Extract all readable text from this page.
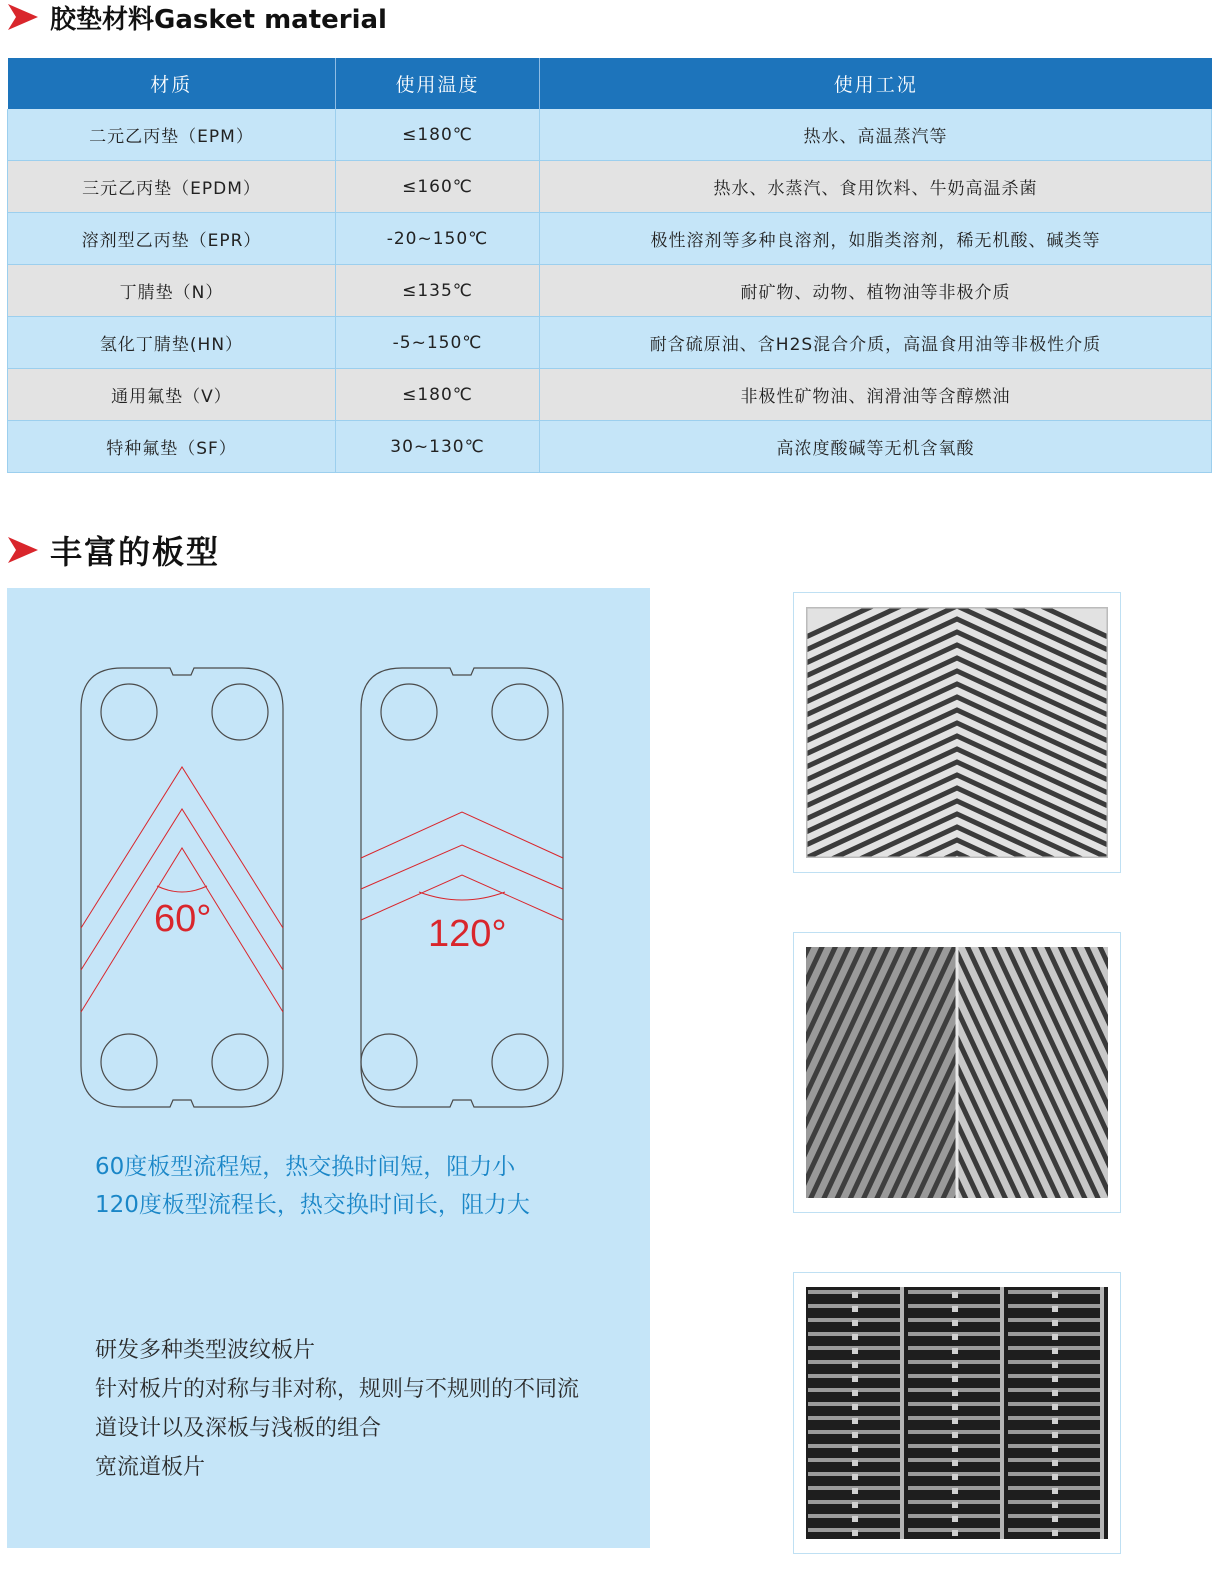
胶垫材料Gasket material
材质	使用温度	使用工况
二元乙丙垫（EPM）	≤180℃	热水、高温蒸汽等
三元乙丙垫（EPDM）	≤160℃	热水、水蒸汽、食用饮料、牛奶高温杀菌
溶剂型乙丙垫（EPR）	-20~150℃	极性溶剂等多种良溶剂，如脂类溶剂，稀无机酸、碱类等
丁腈垫（N）	≤135℃	耐矿物、动物、植物油等非极介质
氢化丁腈垫(HN）	-5~150℃	耐含硫原油、含H2S混合介质，高温食用油等非极性介质
通用氟垫（V）	≤180℃	非极性矿物油、润滑油等含醇燃油
特种氟垫（SF）	30~130℃	高浓度酸碱等无机含氧酸
丰富的板型
60°	120°
60度板型流程短，热交换时间短，阻力小
120度板型流程长，热交换时间长，阻力大
研发多种类型波纹板片
针对板片的对称与非对称，规则与不规则的不同流
道设计以及深板与浅板的组合
宽流道板片
